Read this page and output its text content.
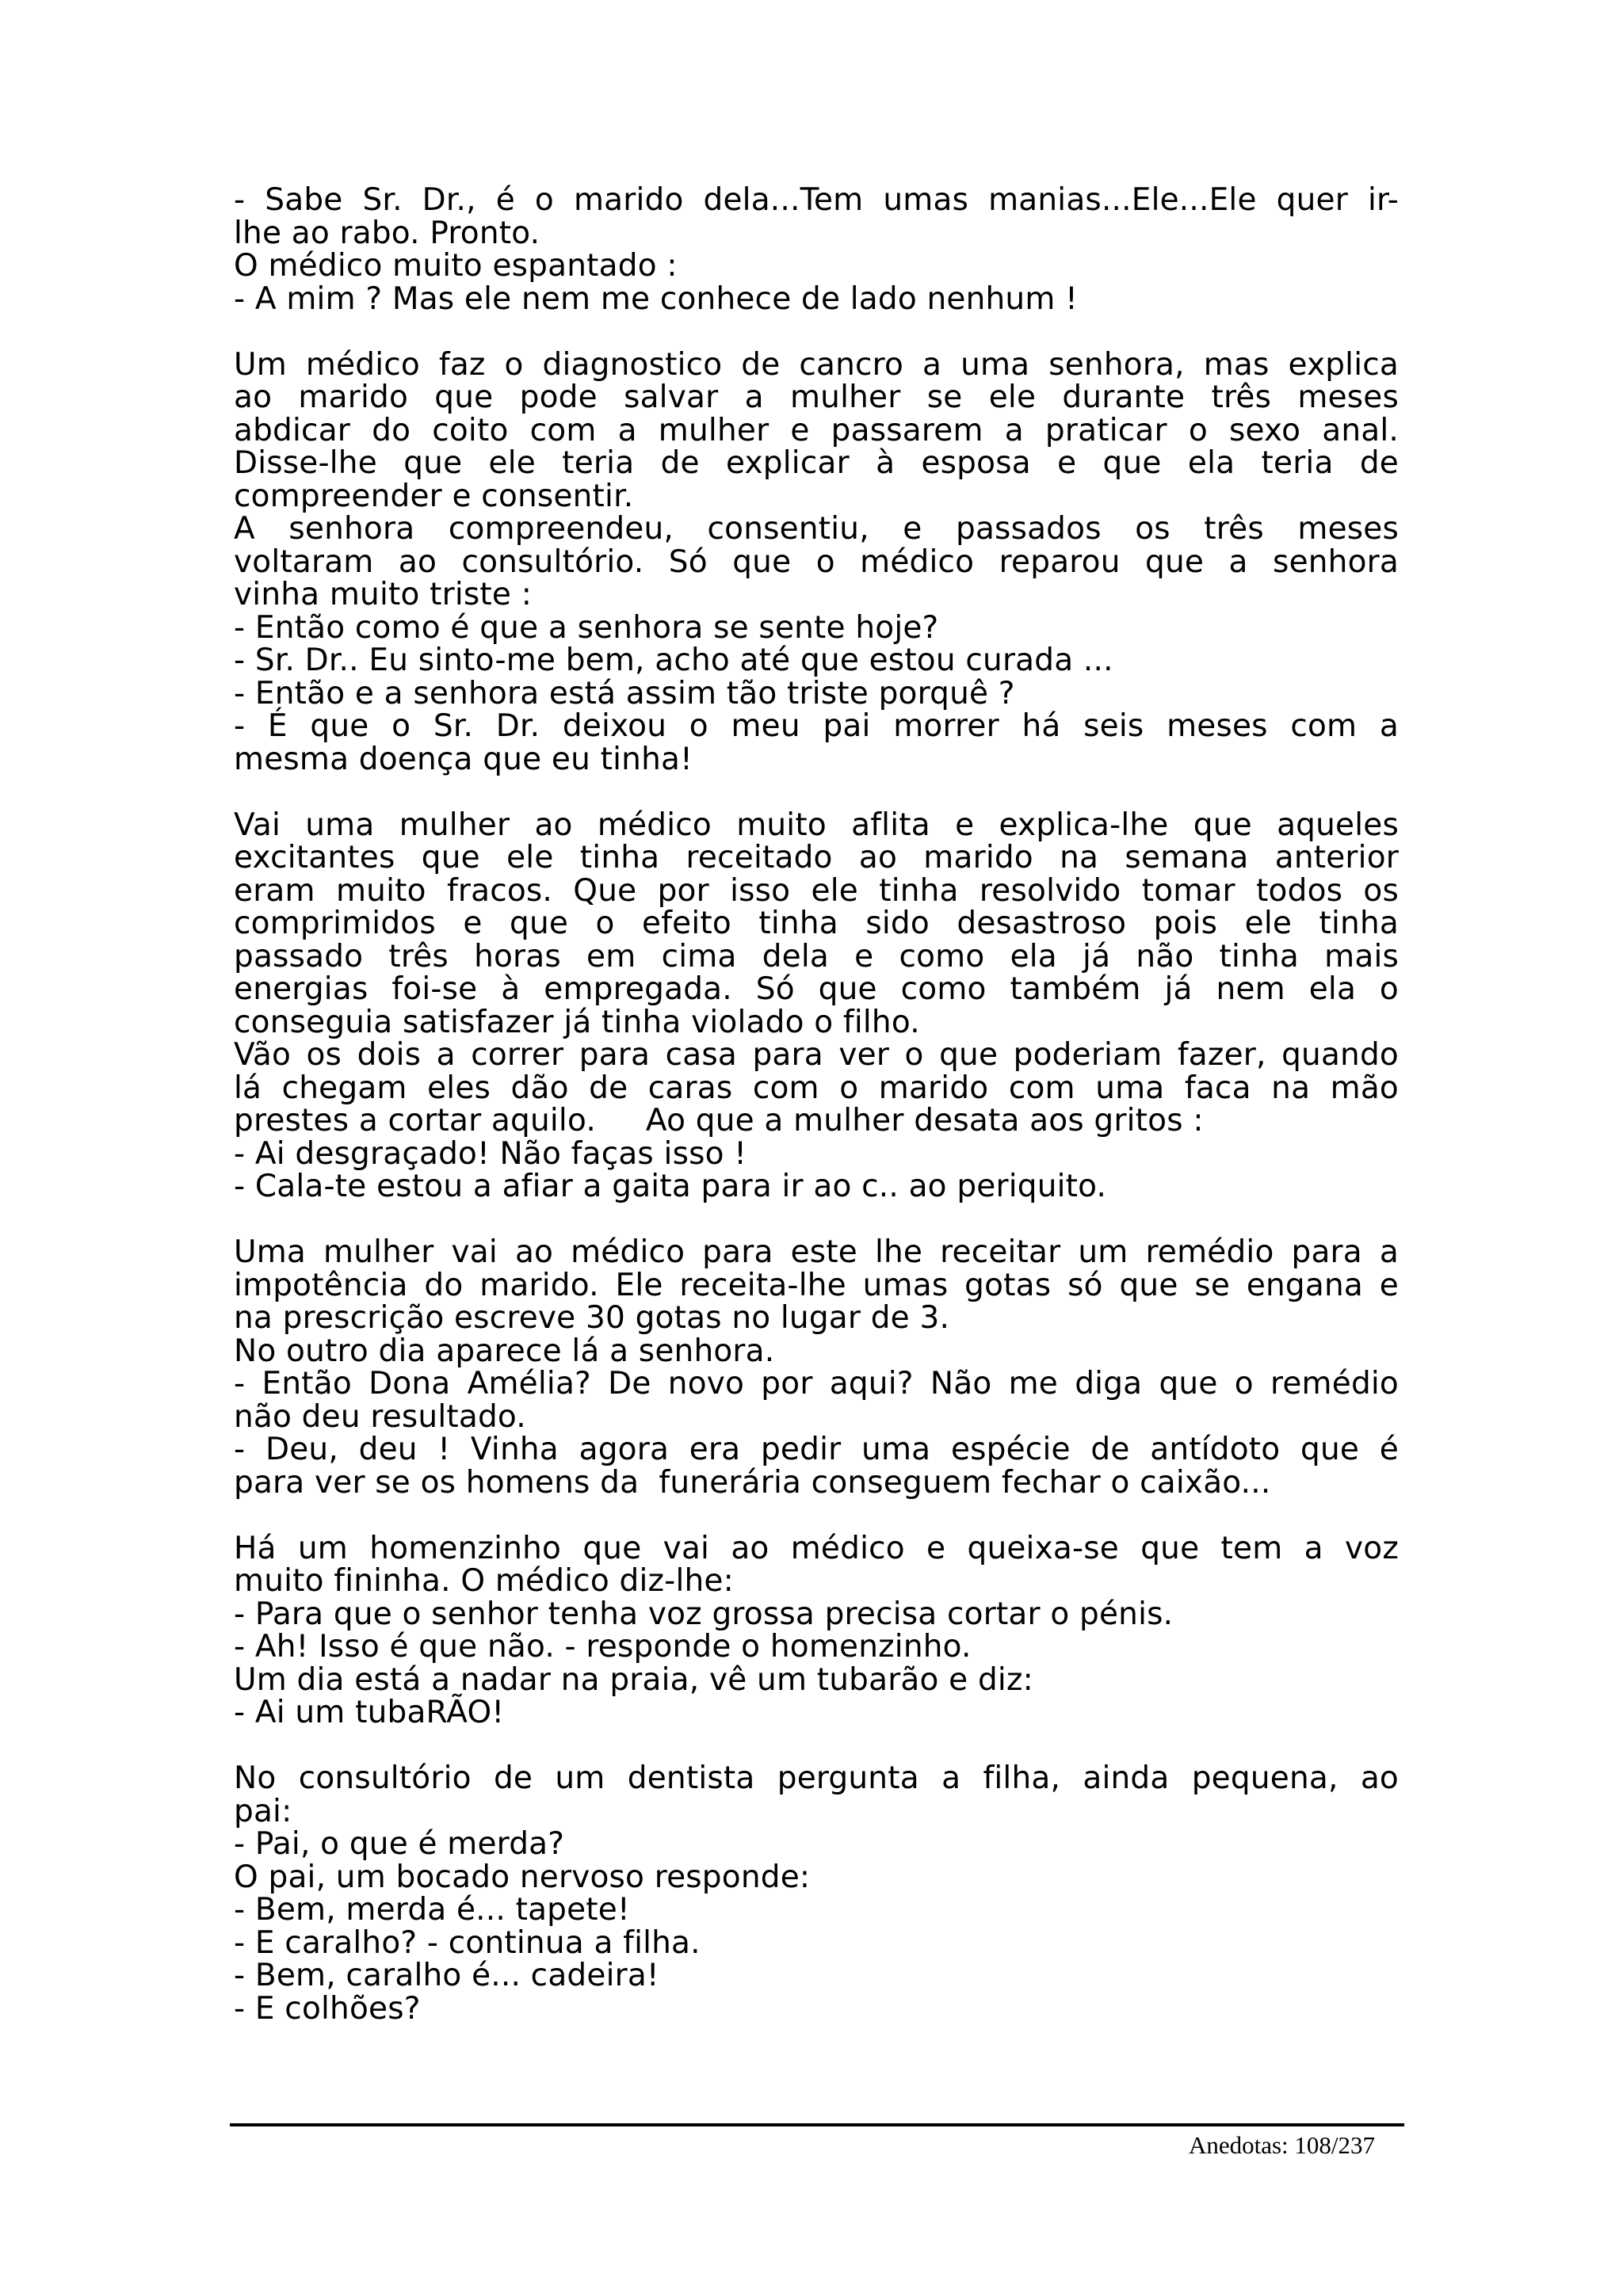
- Sabe Sr. Dr., é o marido dela...Tem umas manias...Ele...Ele quer ir-
lhe ao rabo. Pronto.
O médico muito espantado :
- A mim ? Mas ele nem me conhece de lado nenhum !
Um médico faz o diagnostico de cancro a uma senhora, mas explica
ao marido que pode salvar a mulher se ele durante três meses
abdicar do coito com a mulher e passarem a praticar o sexo anal.
Disse-lhe que ele teria de explicar à esposa e que ela teria de
compreender e consentir.
A senhora compreendeu, consentiu, e passados os três meses
voltaram ao consultório. Só que o médico reparou que a senhora
vinha muito triste :
- Então como é que a senhora se sente hoje?
- Sr. Dr.. Eu sinto-me bem, acho até que estou curada ...
- Então e a senhora está assim tão triste porquê ?
- É que o Sr. Dr. deixou o meu pai morrer há seis meses com a
mesma doença que eu tinha!
Vai uma mulher ao médico muito aflita e explica-lhe que aqueles
excitantes que ele tinha receitado ao marido na semana anterior
eram muito fracos. Que por isso ele tinha resolvido tomar todos os
comprimidos e que o efeito tinha sido desastroso pois ele tinha
passado três horas em cima dela e como ela já não tinha mais
energias foi-se à empregada. Só que como também já nem ela o
conseguia satisfazer já tinha violado o filho.
Vão os dois a correr para casa para ver o que poderiam fazer, quando
lá chegam eles dão de caras com o marido com uma faca na mão
prestes a cortar aquilo.     Ao que a mulher desata aos gritos :
- Ai desgraçado! Não faças isso !
- Cala-te estou a afiar a gaita para ir ao c.. ao periquito.
Uma mulher vai ao médico para este lhe receitar um remédio para a
impotência do marido. Ele receita-lhe umas gotas só que se engana e
na prescrição escreve 30 gotas no lugar de 3.
No outro dia aparece lá a senhora.
- Então Dona Amélia? De novo por aqui? Não me diga que o remédio
não deu resultado.
- Deu, deu ! Vinha agora era pedir uma espécie de antídoto que é
para ver se os homens da  funerária conseguem fechar o caixão...
Há um homenzinho que vai ao médico e queixa-se que tem a voz
muito fininha. O médico diz-lhe:
- Para que o senhor tenha voz grossa precisa cortar o pénis.
- Ah! Isso é que não. - responde o homenzinho.
Um dia está a nadar na praia, vê um tubarão e diz:
- Ai um tubaRÃO!
No consultório de um dentista pergunta a filha, ainda pequena, ao
pai:
- Pai, o que é merda?
O pai, um bocado nervoso responde:
- Bem, merda é... tapete!
- E caralho? - continua a filha.
- Bem, caralho é... cadeira!
- E colhões?
Anedotas: 108/237
